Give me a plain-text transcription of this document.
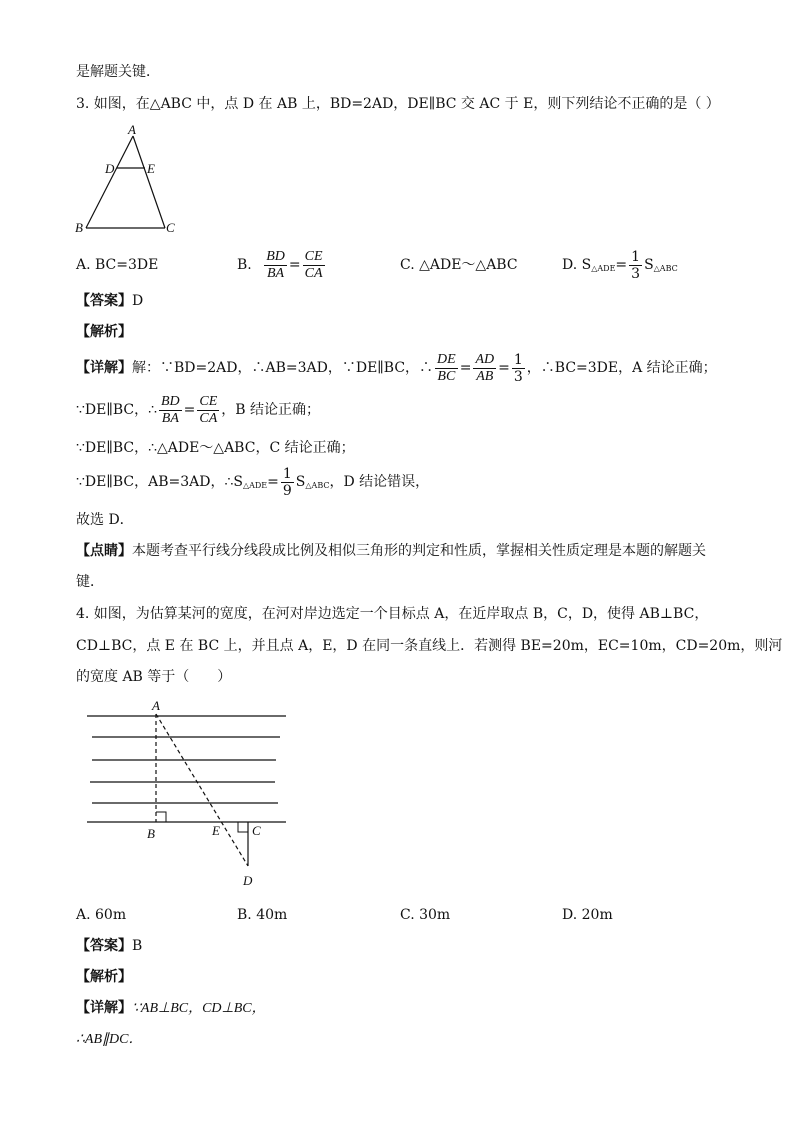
是解题关键．
3. 如图，在△ABC 中，点 D 在 AB 上，BD=2AD，DE∥BC 交 AC 于 E，则下列结论不正确的是（ ）
A
D	E
B	C
A. BC=3DE	B. $\frac{BD}{BA} = \frac{CE}{CA}$	C. △ADE～△ABC	D. $S_{\triangle ADE}= \frac{1}{3} S_{\triangle ABC}$
【答案】D
【解析】
【详解】解：∵BD=2AD，∴AB=3AD，∵DE∥BC，∴ $\frac{DE}{BC} = \frac{AD}{AB} = \frac{1}{3}$ ，∴BC=3DE，A 结论正确；
∵DE∥BC，∴ $\frac{BD}{BA} = \frac{CE}{CA}$ ，B 结论正确；
∵DE∥BC，∴△ADE～△ABC，C 结论正确；
∵DE∥BC，AB=3AD，$\therefore S_{\triangle ADE}= \frac{1}{9} S_{\triangle ABC}$，D 结论错误，
故选 D．
【点睛】本题考查平行线分线段成比例及相似三角形的判定和性质，掌握相关性质定理是本题的解题关
键．
4. 如图，为估算某河的宽度，在河对岸边选定一个目标点 A，在近岸取点 B，C，D，使得 AB⊥BC，
CD⊥BC，点 E 在 BC 上，并且点 A，E，D 在同一条直线上．若测得 BE=20m，EC=10m，CD=20m，则河
的宽度 AB 等于（　　）
A
B	E C
D
A. 60m	B. 40m	C. 30m	D. 20m
【答案】B
【解析】
【详解】∵AB⊥BC，CD⊥BC，
∴AB∥DC．
